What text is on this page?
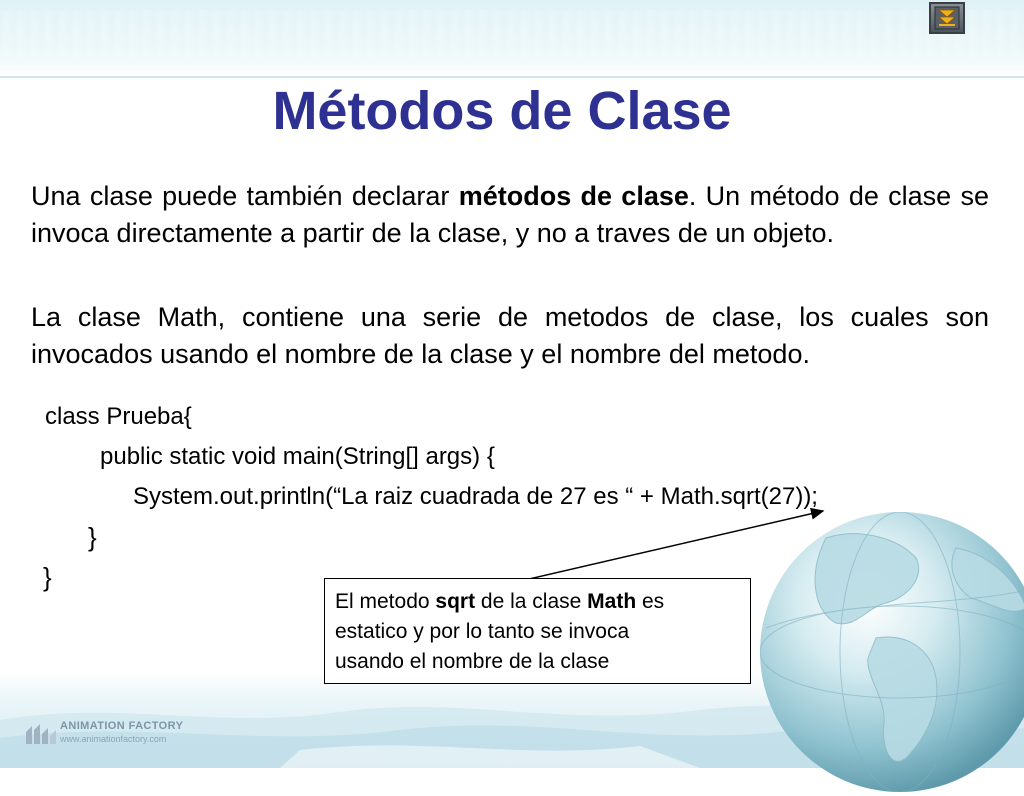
ANIMATION FACTORY
www.animationfactory.com
Métodos de Clase

Una clase puede también declarar métodos de clase. Un método de clase se invoca directamente a partir de la clase, y no a traves de un objeto.

La clase Math, contiene una serie de metodos de clase, los cuales son invocados usando el nombre de la clase y el nombre del metodo.

class Prueba{
public static void main(String[] args) {
System.out.println(“La raiz cuadrada de 27 es “ + Math.sqrt(27));
}
}

El metodo sqrt de la clase Math es

estatico y por lo tanto se invoca

usando el nombre de la clase
